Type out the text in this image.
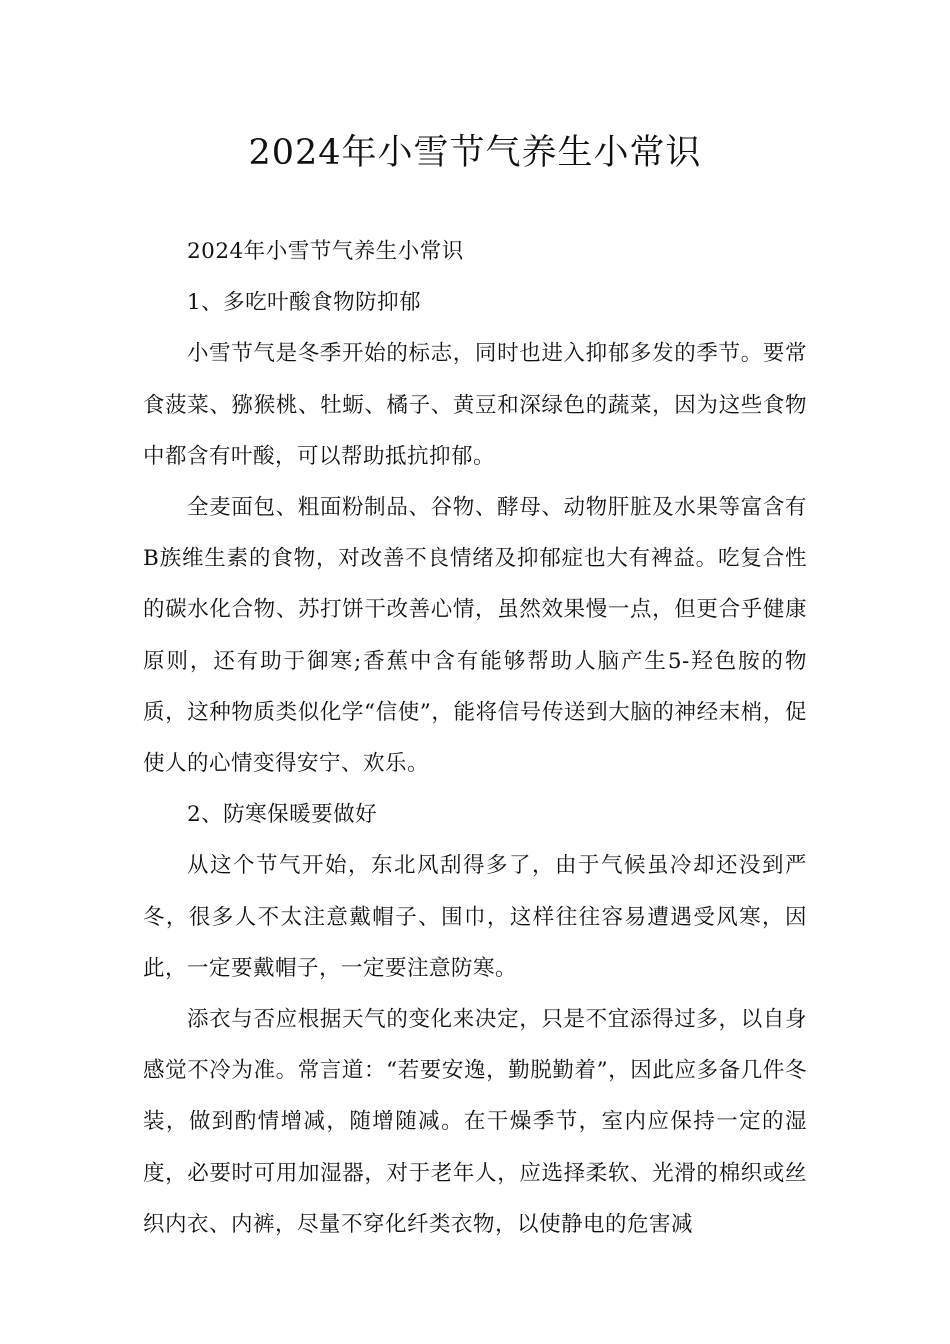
2024年小雪节气养生小常识

2024年小雪节气养生小常识

1、多吃叶酸食物防抑郁

小雪节气是冬季开始的标志，同时也进入抑郁多发的季节。要常食菠菜、猕猴桃、牡蛎、橘子、黄豆和深绿色的蔬菜，因为这些食物中都含有叶酸，可以帮助抵抗抑郁。

全麦面包、粗面粉制品、谷物、酵母、动物肝脏及水果等富含有B族维生素的食物，对改善不良情绪及抑郁症也大有裨益。吃复合性的碳水化合物、苏打饼干改善心情，虽然效果慢一点，但更合乎健康原则，还有助于御寒;香蕉中含有能够帮助人脑产生5-羟色胺的物质，这种物质类似化学“信使”，能将信号传送到大脑的神经末梢，促使人的心情变得安宁、欢乐。

2、防寒保暖要做好

从这个节气开始，东北风刮得多了，由于气候虽冷却还没到严冬，很多人不太注意戴帽子、围巾，这样往往容易遭遇受风寒，因此，一定要戴帽子，一定要注意防寒。

添衣与否应根据天气的变化来决定，只是不宜添得过多，以自身感觉不冷为准。常言道：“若要安逸，勤脱勤着”，因此应多备几件冬装，做到酌情增减，随增随减。在干燥季节，室内应保持一定的湿度，必要时可用加湿器，对于老年人，应选择柔软、光滑的棉织或丝织内衣、内裤，尽量不穿化纤类衣物，以使静电的危害减
